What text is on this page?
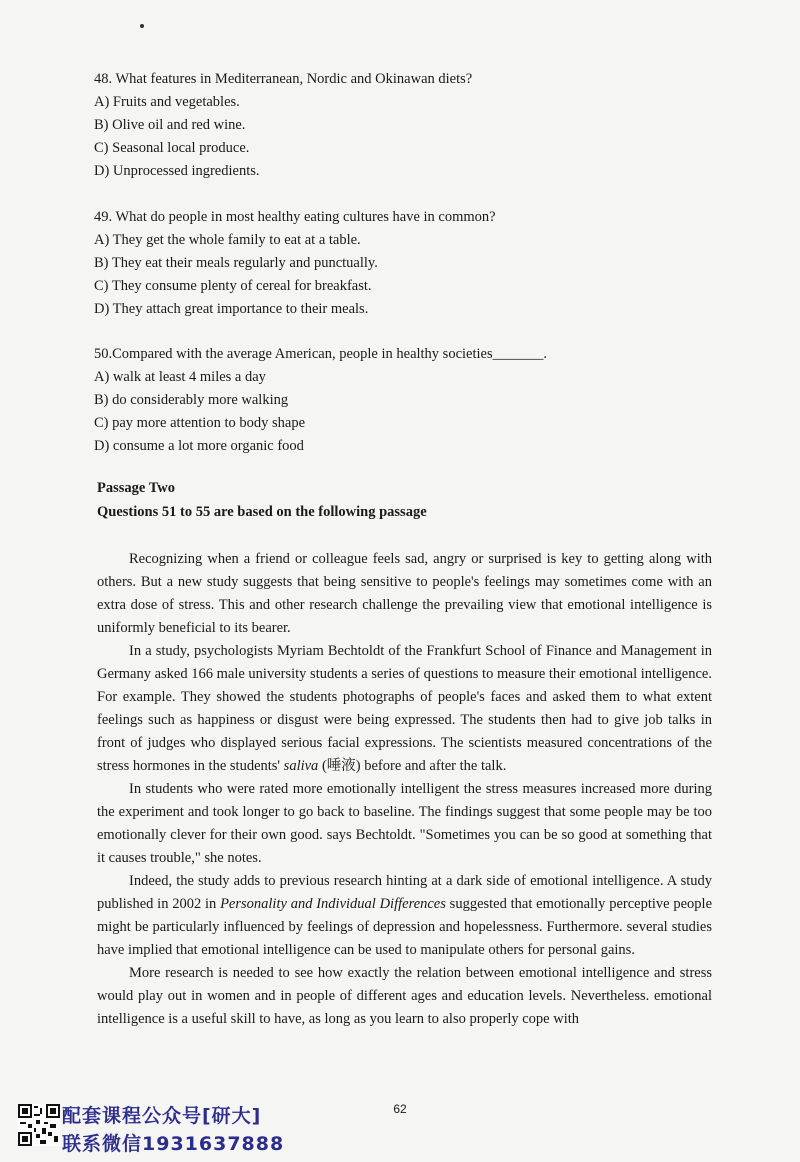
48. What features in Mediterranean, Nordic and Okinawan diets?
A) Fruits and vegetables.
B) Olive oil and red wine.
C) Seasonal local produce.
D) Unprocessed ingredients.
49. What do people in most healthy eating cultures have in common?
A) They get the whole family to eat at a table.
B) They eat their meals regularly and punctually.
C) They consume plenty of cereal for breakfast.
D) They attach great importance to their meals.
50.Compared with the average American, people in healthy societies_______.
A) walk at least 4 miles a day
B) do considerably more walking
C) pay more attention to body shape
D) consume a lot more organic food
Passage Two
Questions 51 to 55 are based on the following passage

Recognizing when a friend or colleague feels sad, angry or surprised is key to getting along with others. But a new study suggests that being sensitive to people's feelings may sometimes come with an extra dose of stress. This and other research challenge the prevailing view that emotional intelligence is uniformly beneficial to its bearer.

In a study, psychologists Myriam Bechtoldt of the Frankfurt School of Finance and Management in Germany asked 166 male university students a series of questions to measure their emotional intelligence. For example. They showed the students photographs of people's faces and asked them to what extent feelings such as happiness or disgust were being expressed. The students then had to give job talks in front of judges who displayed serious facial expressions. The scientists measured concentrations of the stress hormones in the students' saliva (唾液) before and after the talk.

In students who were rated more emotionally intelligent the stress measures increased more during the experiment and took longer to go back to baseline. The findings suggest that some people may be too emotionally clever for their own good. says Bechtoldt. "Sometimes you can be so good at something that it causes trouble," she notes.

Indeed, the study adds to previous research hinting at a dark side of emotional intelligence. A study published in 2002 in Personality and Individual Differences suggested that emotionally perceptive people might be particularly influenced by feelings of depression and hopelessness. Furthermore. several studies have implied that emotional intelligence can be used to manipulate others for personal gains.

More research is needed to see how exactly the relation between emotional intelligence and stress would play out in women and in people of different ages and education levels. Nevertheless. emotional intelligence is a useful skill to have, as long as you learn to also properly cope with

配套课程公众号[研大]
联系微信1931637888
62
